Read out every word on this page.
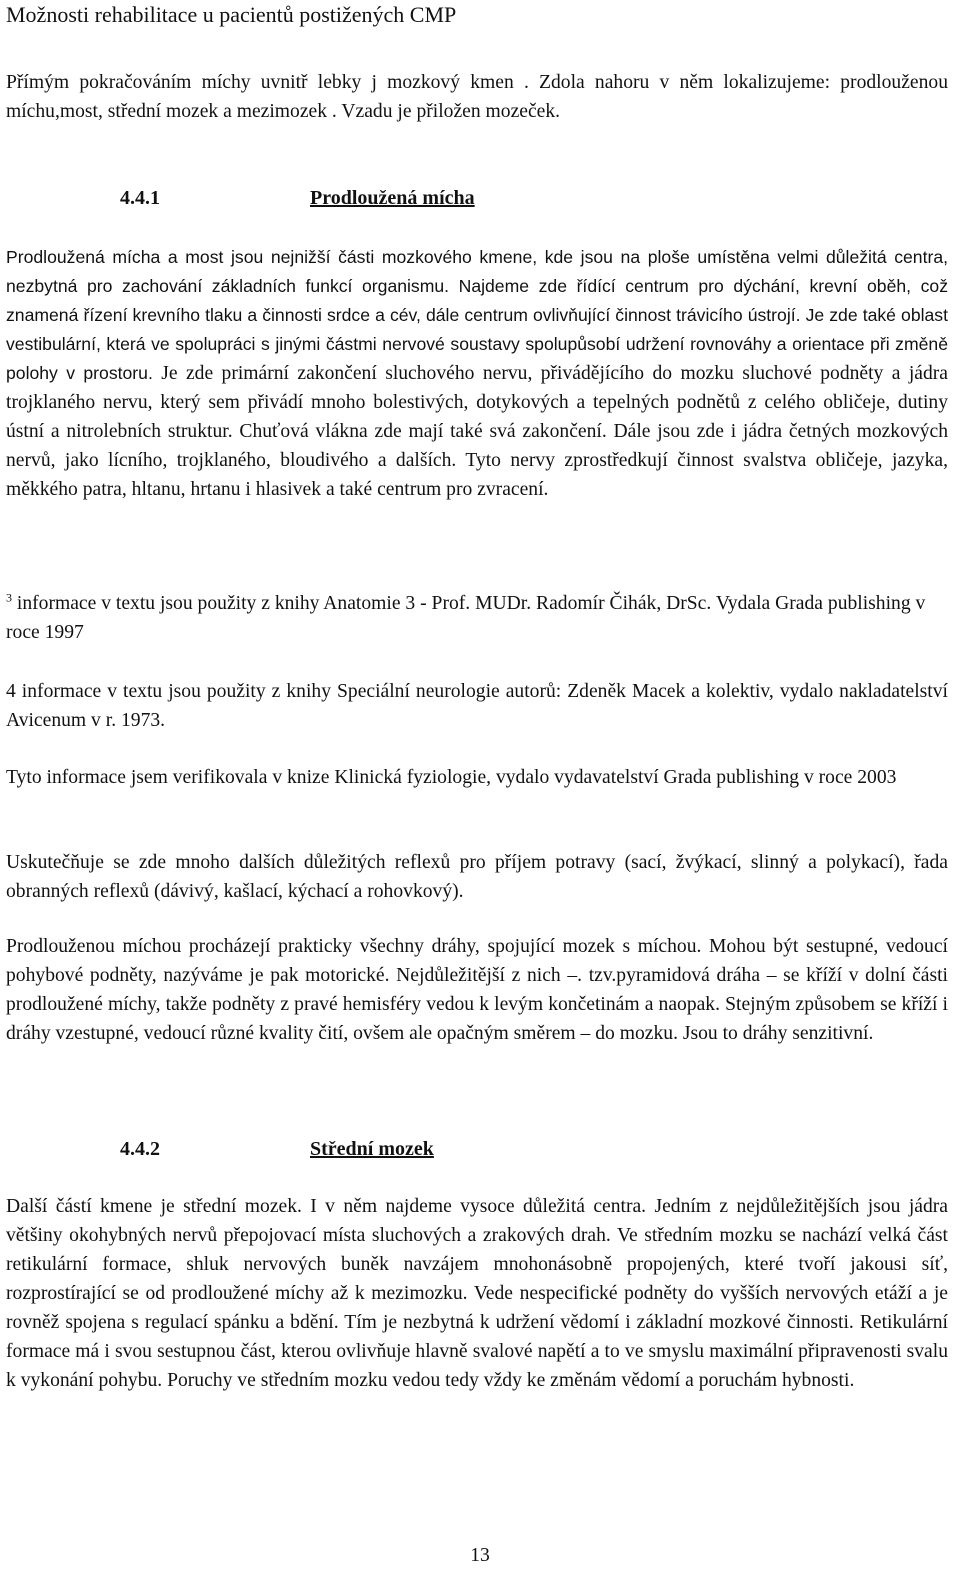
Možnosti rehabilitace u pacientů postižených CMP

Přímým pokračováním míchy uvnitř lebky j mozkový kmen . Zdola nahoru v něm lokalizujeme: prodlouženou míchu,most, střední mozek a mezimozek . Vzadu je přiložen mozeček.

4.4.1	Prodloužená mícha

Prodloužená mícha a most jsou nejnižší části mozkového kmene, kde jsou na ploše umístěna velmi důležitá centra, nezbytná pro zachování základních funkcí organismu. Najdeme zde řídící centrum pro dýchání, krevní oběh, což znamená řízení krevního tlaku a činnosti srdce a cév, dále centrum ovlivňující činnost trávicího ústrojí. Je zde také oblast vestibulární, která ve spolupráci s jinými částmi nervové soustavy spolupůsobí udržení rovnováhy a orientace při změně polohy v prostoru. Je zde primární zakončení sluchového nervu, přivádějícího do mozku sluchové podněty a jádra trojklaného nervu, který sem přivádí mnoho bolestivých, dotykových a tepelných podnětů z celého obličeje, dutiny ústní a nitrolebních struktur. Chuťová vlákna zde mají také svá zakončení. Dále jsou zde i jádra četných mozkových nervů, jako lícního, trojklaného, bloudivého a dalších. Tyto nervy zprostředkují činnost svalstva obličeje, jazyka, měkkého patra, hltanu, hrtanu i hlasivek a také centrum pro zvracení.

$^3$ informace v textu jsou použity z knihy Anatomie 3 - Prof. MUDr. Radomír Čihák, DrSc. Vydala Grada publishing v roce 1997

4 informace v textu jsou použity z knihy Speciální neurologie autorů: Zdeněk Macek a kolektiv, vydalo nakladatelství Avicenum v r. 1973.

Tyto informace jsem verifikovala v knize Klinická fyziologie, vydalo vydavatelství Grada publishing v roce 2003

Uskutečňuje se zde mnoho dalších důležitých reflexů pro příjem potravy (sací, žvýkací, slinný a polykací), řada obranných reflexů (dávivý, kašlací, kýchací a rohovkový).

Prodlouženou míchou procházejí prakticky všechny dráhy, spojující mozek s míchou. Mohou být sestupné, vedoucí pohybové podněty, nazýváme je pak motorické. Nejdůležitější z nich –. tzv.pyramidová dráha – se kříží v dolní části prodloužené míchy, takže podněty z pravé hemisféry vedou k levým končetinám a naopak. Stejným způsobem se kříží i dráhy vzestupné, vedoucí různé kvality čití, ovšem ale opačným směrem – do mozku. Jsou to dráhy senzitivní.

4.4.2	Střední mozek

Další částí kmene je střední mozek. I v něm najdeme vysoce důležitá centra. Jedním z nejdůležitějších jsou jádra většiny okohybných nervů přepojovací místa sluchových a zrakových drah. Ve středním mozku se nachází velká část retikulární formace, shluk nervových buněk navzájem mnohonásobně propojených, které tvoří jakousi síť, rozprostírající se od prodloužené míchy až k mezimozku. Vede nespecifické podněty do vyšších nervových etáží a je rovněž spojena s regulací spánku a bdění. Tím je nezbytná k udržení vědomí i základní mozkové činnosti. Retikulární formace má i svou sestupnou část, kterou ovlivňuje hlavně svalové napětí a to ve smyslu maximální připravenosti svalu k vykonání pohybu. Poruchy ve středním mozku vedou tedy vždy ke změnám vědomí a poruchám hybnosti.

13
